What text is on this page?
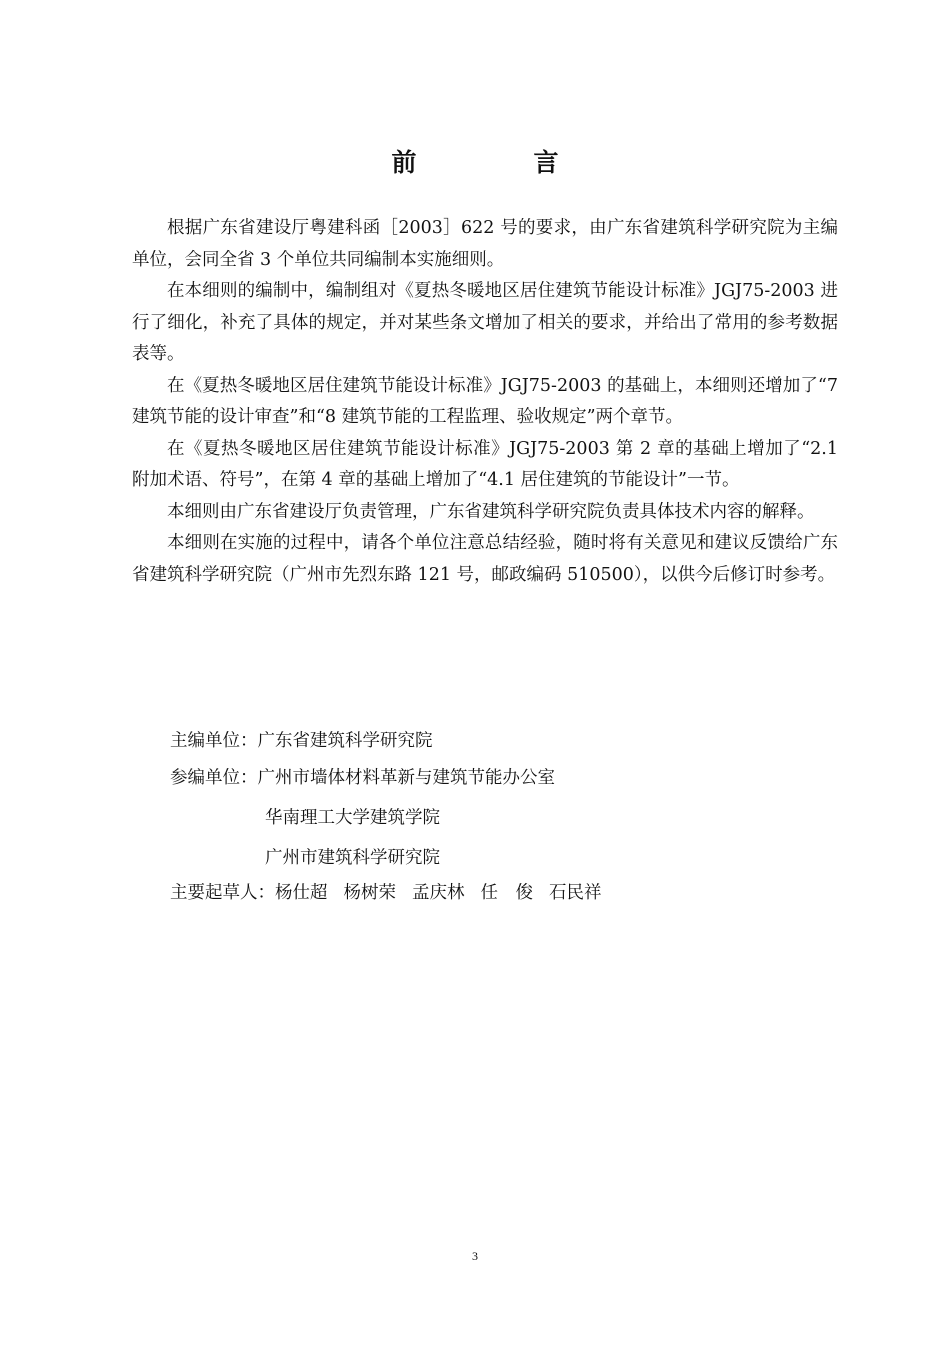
前　言

根据广东省建设厅粤建科函［2003］622 号的要求，由广东省建筑科学研究院为主编单位，会同全省 3 个单位共同编制本实施细则。

在本细则的编制中，编制组对《夏热冬暖地区居住建筑节能设计标准》JGJ75-2003 进行了细化，补充了具体的规定，并对某些条文增加了相关的要求，并给出了常用的参考数据表等。

在《夏热冬暖地区居住建筑节能设计标准》JGJ75-2003 的基础上，本细则还增加了“7 建筑节能的设计审查”和“8 建筑节能的工程监理、验收规定”两个章节。

在《夏热冬暖地区居住建筑节能设计标准》JGJ75-2003 第 2 章的基础上增加了“2.1 附加术语、符号”，在第 4 章的基础上增加了“4.1 居住建筑的节能设计”一节。

本细则由广东省建设厅负责管理，广东省建筑科学研究院负责具体技术内容的解释。

本细则在实施的过程中，请各个单位注意总结经验，随时将有关意见和建议反馈给广东省建筑科学研究院（广州市先烈东路 121 号，邮政编码 510500），以供今后修订时参考。

主编单位：广东省建筑科学研究院
参编单位：广州市墙体材料革新与建筑节能办公室
华南理工大学建筑学院
广州市建筑科学研究院
主要起草人：杨仕超 杨树荣 孟庆林 任　俊 石民祥
3
